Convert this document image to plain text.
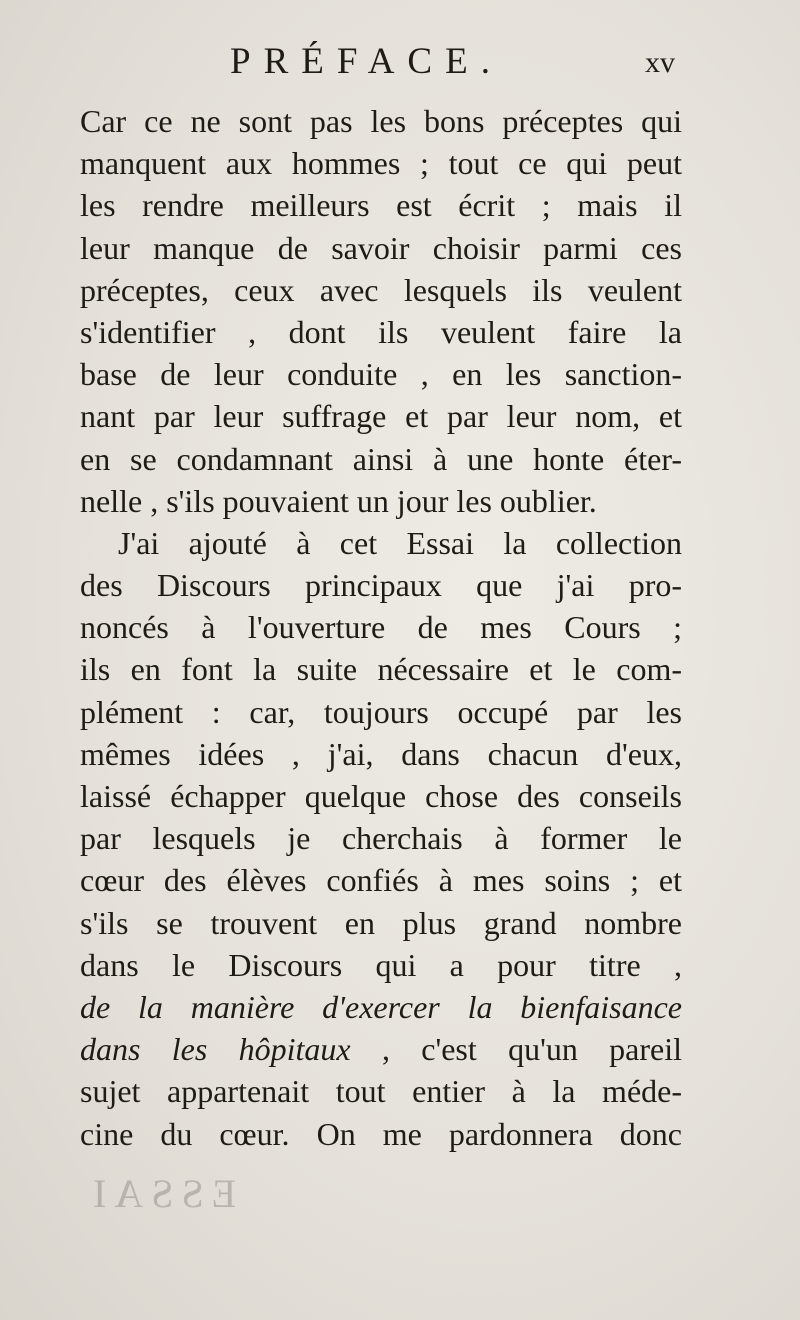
ESSAI
PRÉFACE.	xv
Car ce ne sont pas les bons préceptes qui
manquent aux hommes ; tout ce qui peut
les rendre meilleurs est écrit ; mais il
leur manque de savoir choisir parmi ces
préceptes, ceux avec lesquels ils veulent
s'identifier , dont ils veulent faire la
base de leur conduite , en les sanction-
nant par leur suffrage et par leur nom, et
en se condamnant ainsi à une honte éter-
nelle , s'ils pouvaient un jour les oublier.
J'ai ajouté à cet Essai la collection
des Discours principaux que j'ai pro-
noncés à l'ouverture de mes Cours ;
ils en font la suite nécessaire et le com-
plément : car, toujours occupé par les
mêmes idées , j'ai, dans chacun d'eux,
laissé échapper quelque chose des conseils
par lesquels je cherchais à former le
cœur des élèves confiés à mes soins ; et
s'ils se trouvent en plus grand nombre
dans le Discours qui a pour titre ,
de la manière d'exercer la bienfaisance
dans les hôpitaux , c'est qu'un pareil
sujet appartenait tout entier à la méde-
cine du cœur. On me pardonnera donc
